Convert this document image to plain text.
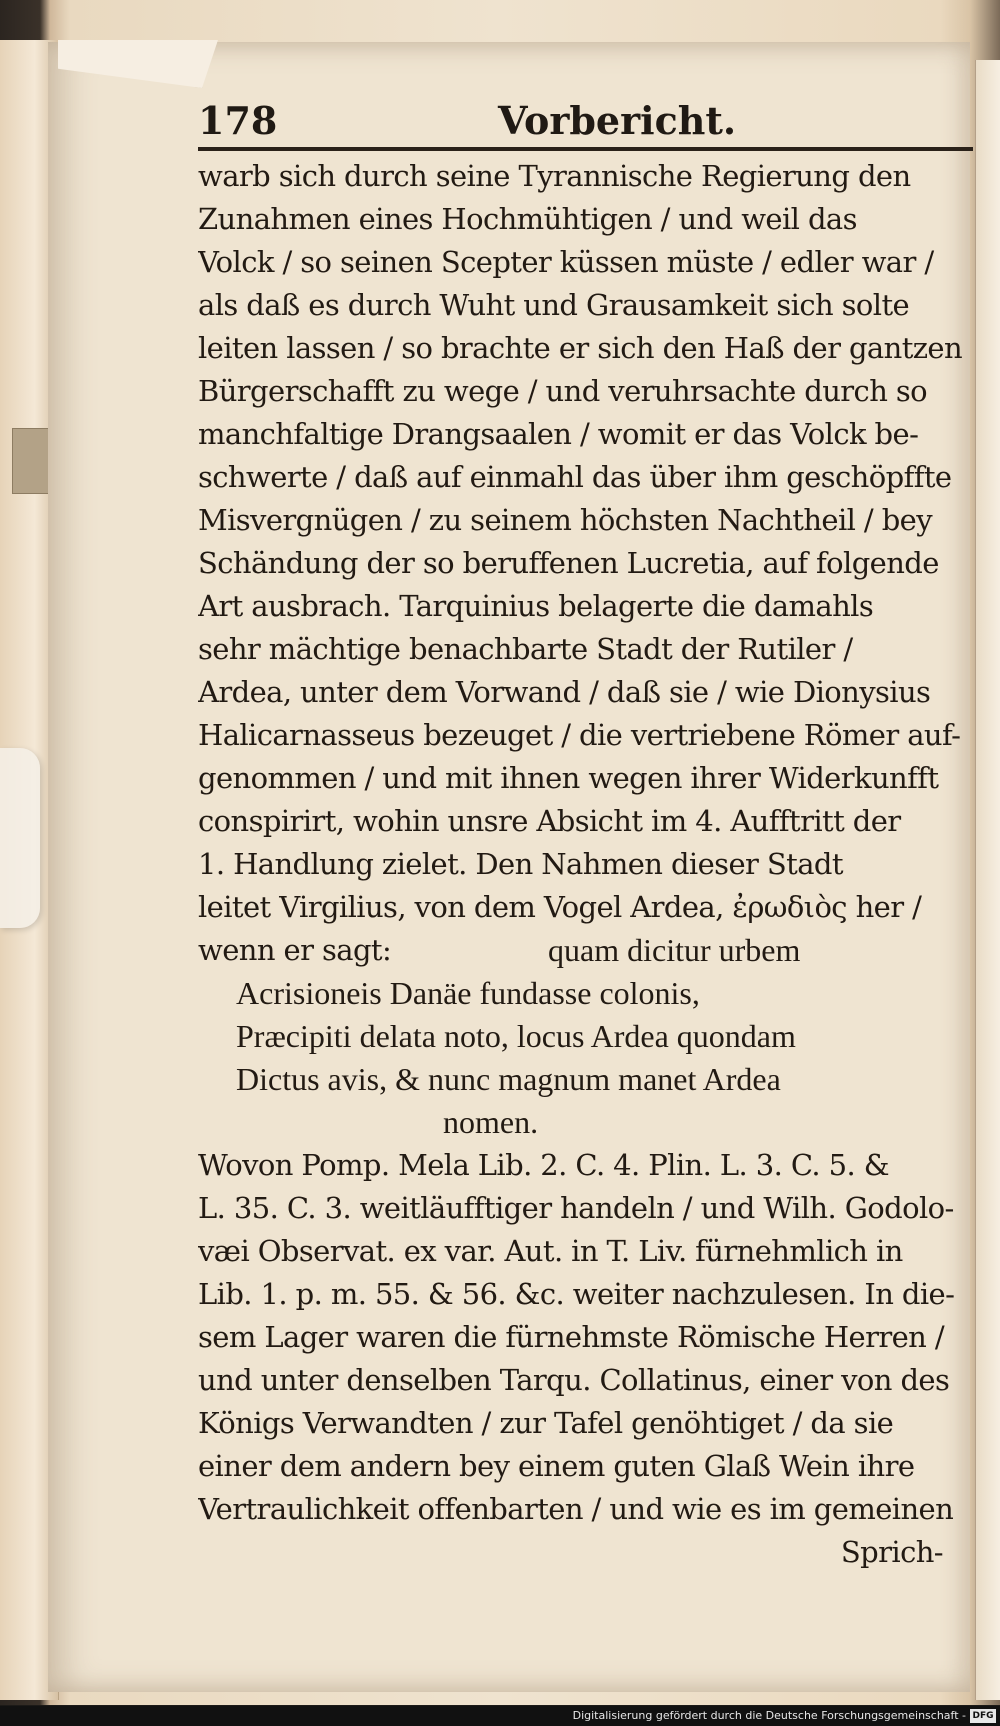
178	Vorbericht.
warb sich durch seine Tyrannische Regierung den
Zunahmen eines Hochmühtigen / und weil das
Volck / so seinen Scepter küssen müste / edler war /
als daß es durch Wuht und Grausamkeit sich solte
leiten lassen / so brachte er sich den Haß der gantzen
Bürgerschafft zu wege / und veruhrsachte durch so
manchfaltige Drangsaalen / womit er das Volck be-
schwerte / daß auf einmahl das über ihm geschöpffte
Misvergnügen / zu seinem höchsten Nachtheil / bey
Schändung der so beruffenen Lucretia, auf folgende
Art ausbrach. Tarquinius belagerte die damahls
sehr mächtige benachbarte Stadt der Rutiler /
Ardea, unter dem Vorwand / daß sie / wie Dionysius
Halicarnasseus bezeuget / die vertriebene Römer auf-
genommen / und mit ihnen wegen ihrer Widerkunfft
conspirirt, wohin unsre Absicht im 4. Aufftritt der
1. Handlung zielet. Den Nahmen dieser Stadt
leitet Virgilius, von dem Vogel Ardea, ἐρωδιὸς her /
quam dicitur urbem
wenn er sagt:
Acrisioneis Danäe fundasse colonis,
Præcipiti delata noto, locus Ardea quondam
Dictus avis, & nunc magnum manet Ardea
nomen.
Wovon Pomp. Mela Lib. 2. C. 4. Plin. L. 3. C. 5. &
L. 35. C. 3. weitläufftiger handeln / und Wilh. Godolo-
væi Observat. ex var. Aut. in T. Liv. fürnehmlich in
Lib. 1. p. m. 55. & 56. &c. weiter nachzulesen. In die-
sem Lager waren die fürnehmste Römische Herren /
und unter denselben Tarqu. Collatinus, einer von des
Königs Verwandten / zur Tafel genöhtiget / da sie
einer dem andern bey einem guten Glaß Wein ihre
Vertraulichkeit offenbarten / und wie es im gemeinen
Sprich-
Digitalisierung gefördert durch die Deutsche Forschungsgemeinschaft - DFG
